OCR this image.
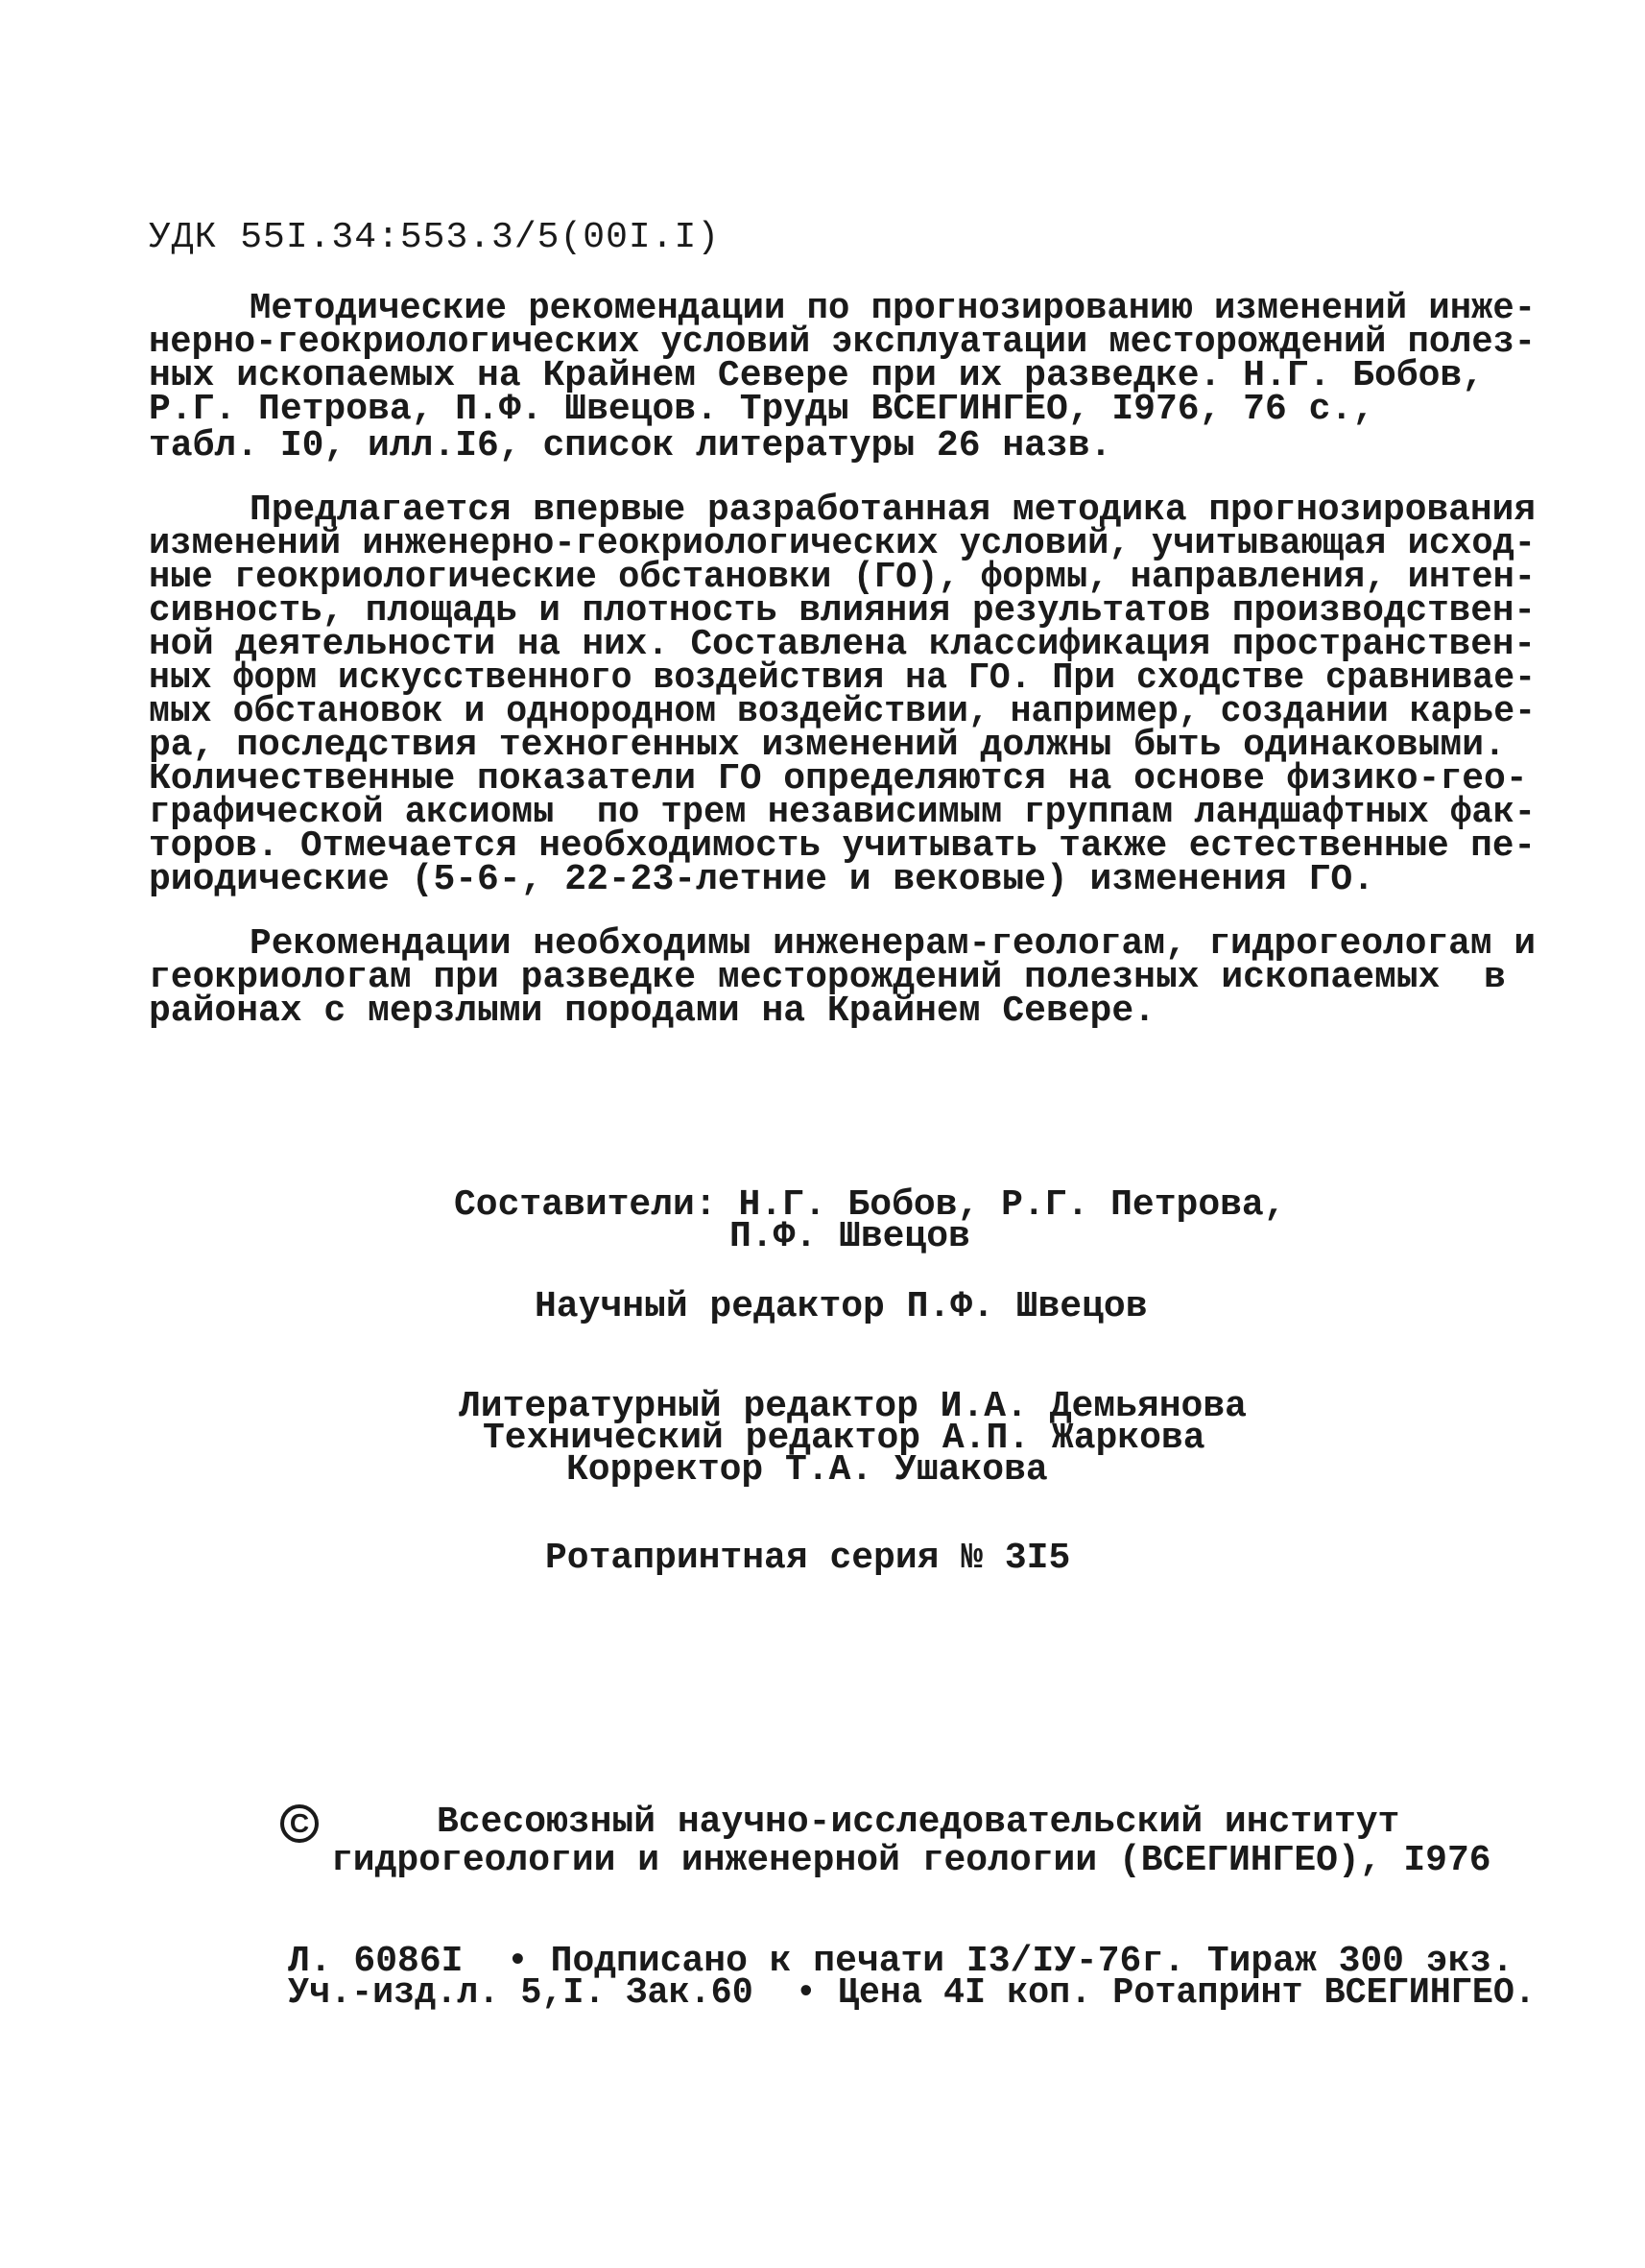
УДК 55I.34:553.3/5(00I.I)
Методические рекомендации по прогнозированию изменений инже-
нерно-геокриологических условий эксплуатации месторождений полез-
ных ископаемых на Крайнем Севере при их разведке. Н.Г. Бобов,
Р.Г. Петрова, П.Ф. Швецов. Труды ВСЕГИНГЕО, I976, 76 с.,
табл. I0, илл.I6, список литературы 26 назв.
Предлагается впервые разработанная методика прогнозирования
изменений инженерно-геокриологических условий, учитывающая исход-
ные геокриологические обстановки (ГО), формы, направления, интен-
сивность, площадь и плотность влияния результатов производствен-
ной деятельности на них. Составлена классификация пространствен-
ных форм искусственного воздействия на ГО. При сходстве сравнивае-
мых обстановок и однородном воздействии, например, создании карье-
ра, последствия техногенных изменений должны быть одинаковыми.
Количественные показатели ГО определяются на основе физико-гео-
графической аксиомы  по трем независимым группам ландшафтных фак-
торов. Отмечается необходимость учитывать также естественные пе-
риодические (5-6-, 22-23-летние и вековые) изменения ГО.
Рекомендации необходимы инженерам-геологам, гидрогеологам и
геокриологам при разведке месторождений полезных ископаемых  в
районах с мерзлыми породами на Крайнем Севере.
Составители: Н.Г. Бобов, Р.Г. Петрова,
П.Ф. Швецов
Научный редактор П.Ф. Швецов
Литературный редактор И.А. Демьянова
Технический редактор А.П. Жаркова
Корректор Т.А. Ушакова
Ротапринтная серия № 3I5
C	Всесоюзный научно-исследовательский институт
гидрогеологии и инженерной геологии (ВСЕГИНГЕО), I976
Л. 6086I  • Подписано к печати I3/IУ-76г. Тираж 300 экз.
Уч.-изд.л. 5,I. Зак.60  • Цена 4I коп. Ротапринт ВСЕГИНГЕО.
